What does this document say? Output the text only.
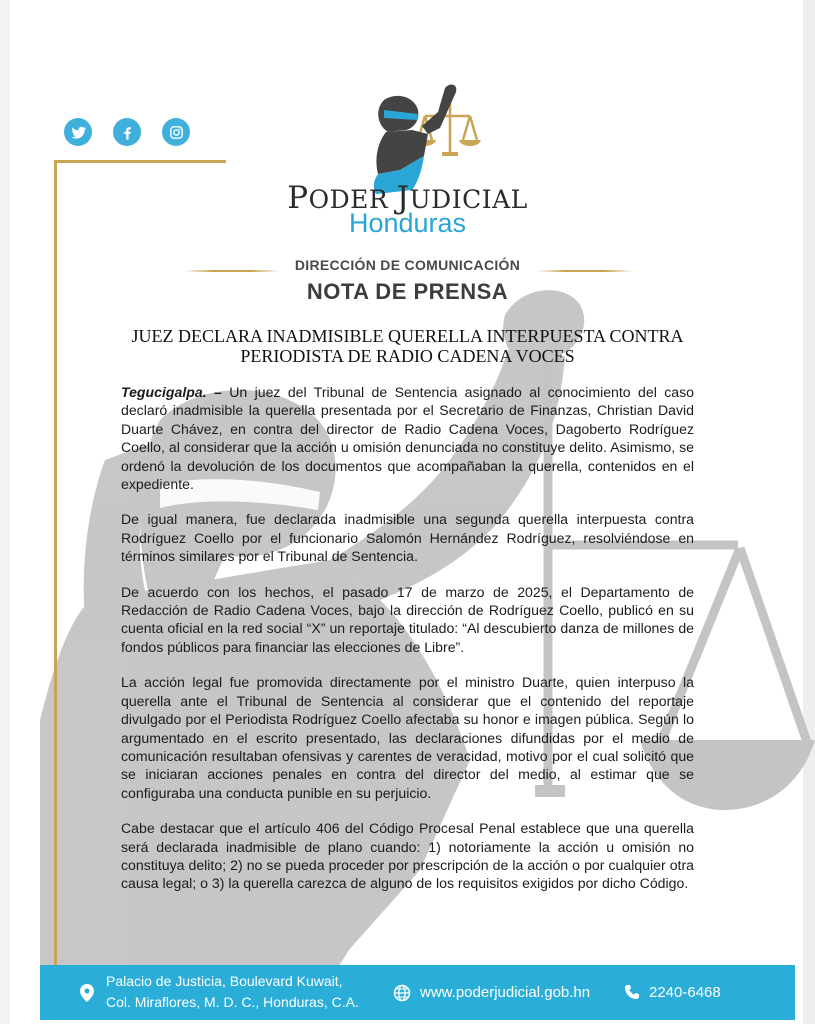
PODER JUDICIAL
Honduras
DIRECCIÓN DE COMUNICACIÓN
NOTA DE PRENSA
JUEZ DECLARA INADMISIBLE QUERELLA INTERPUESTA CONTRA
PERIODISTA DE RADIO CADENA VOCES

Tegucigalpa. – Un juez del Tribunal de Sentencia asignado al conocimiento del caso declaró inadmisible la querella presentada por el Secretario de Finanzas, Christian David Duarte Chávez, en contra del director de Radio Cadena Voces, Dagoberto Rodríguez Coello, al considerar que la acción u omisión denunciada no constituye delito. Asimismo, se ordenó la devolución de los documentos que acompañaban la querella, contenidos en el expediente.

De igual manera, fue declarada inadmisible una segunda querella interpuesta contra Rodríguez Coello por el funcionario Salomón Hernández Rodríguez, resolviéndose en términos similares por el Tribunal de Sentencia.

De acuerdo con los hechos, el pasado 17 de marzo de 2025, el Departamento de Redacción de Radio Cadena Voces, bajo la dirección de Rodríguez Coello, publicó en su cuenta oficial en la red social “X” un reportaje titulado: “Al descubierto danza de millones de fondos públicos para financiar las elecciones de Libre”.

La acción legal fue promovida directamente por el ministro Duarte, quien interpuso la querella ante el Tribunal de Sentencia al considerar que el contenido del reportaje divulgado por el Periodista Rodríguez Coello afectaba su honor e imagen pública. Según lo argumentado en el escrito presentado, las declaraciones difundidas por el medio de comunicación resultaban ofensivas y carentes de veracidad, motivo por el cual solicitó que se iniciaran acciones penales en contra del director del medio, al estimar que se configuraba una conducta punible en su perjuicio.

Cabe destacar que el artículo 406 del Código Procesal Penal establece que una querella será declarada inadmisible de plano cuando: 1) notoriamente la acción u omisión no constituya delito; 2) no se pueda proceder por prescripción de la acción o por cualquier otra causa legal; o 3) la querella carezca de alguno de los requisitos exigidos por dicho Código.

Palacio de Justicia, Boulevard Kuwait,
Col. Miraflores, M. D. C., Honduras, C.A.
www.poderjudicial.gob.hn	2240-6468
